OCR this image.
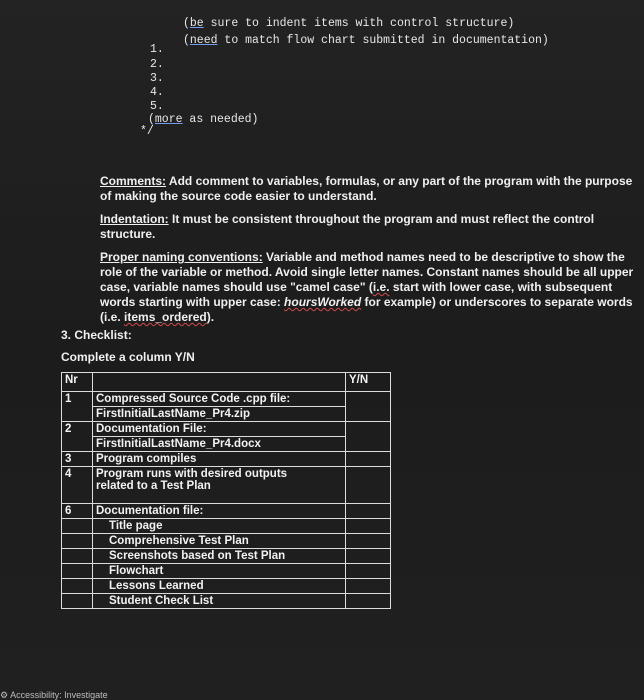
(be sure to indent items with control structure)
(need to match flow chart submitted in documentation)
1.
2.
3.
4.
5.
(more as needed)
*/
Comments: Add comment to variables, formulas, or any part of the program with the purpose of making the source code easier to understand.
Indentation: It must be consistent throughout the program and must reflect the control structure.
Proper naming conventions: Variable and method names need to be descriptive to show the role of the variable or method. Avoid single letter names. Constant names should be all upper case, variable names should use "camel case" (i.e. start with lower case, with subsequent words starting with upper case: hoursWorked for example) or underscores to separate words (i.e. items_ordered).
3. Checklist:
Complete a column Y/N
Nr		Y/N
1	Compressed Source Code .cpp file:	
	FirstInitialLastName_Pr4.zip	
2	Documentation File:	
	FirstInitialLastName_Pr4.docx	
3	Program compiles	
4	Program runs with desired outputs
related to a Test Plan	
6	Documentation file:	
	Title page	
	Comprehensive Test Plan	
	Screenshots based on Test Plan	
	Flowchart	
	Lessons Learned	
	Student Check List	
⚙ Accessibility: Investigate
